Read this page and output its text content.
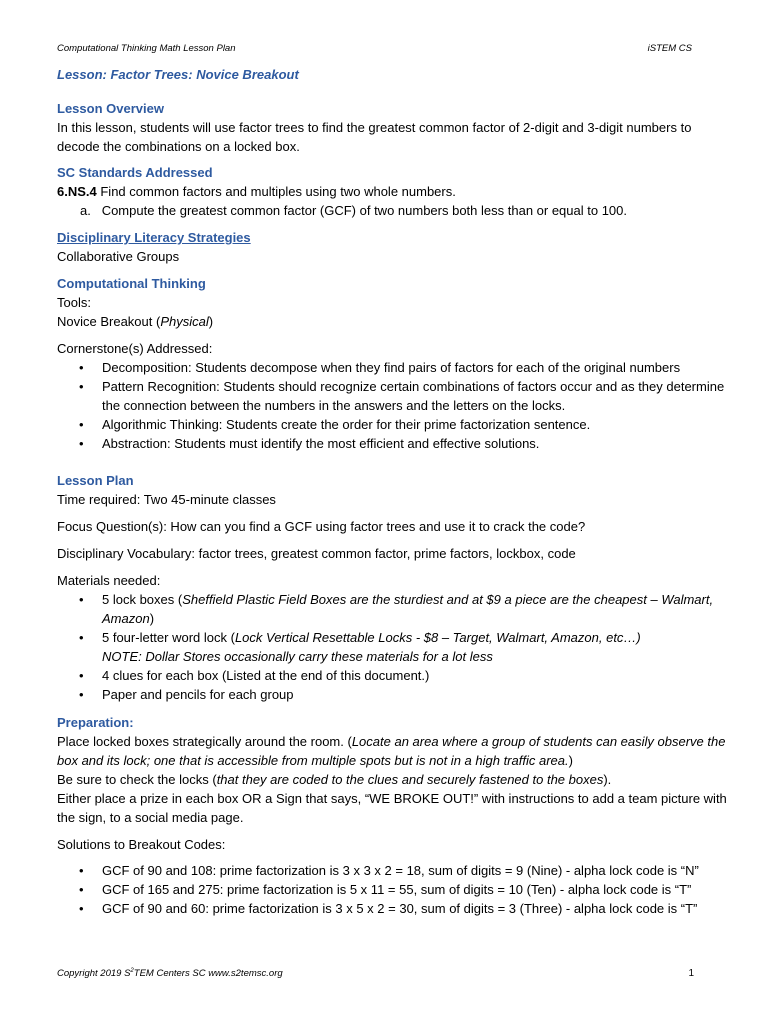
Computational Thinking Math Lesson Plan	iSTEM CS
Lesson: Factor Trees: Novice Breakout
Lesson Overview
In this lesson, students will use factor trees to find the greatest common factor of 2-digit and 3-digit numbers to decode the combinations on a locked box.
SC Standards Addressed
6.NS.4 Find common factors and multiples using two whole numbers.
a. Compute the greatest common factor (GCF) of two numbers both less than or equal to 100.
Disciplinary Literacy Strategies
Collaborative Groups
Computational Thinking
Tools:
Novice Breakout (Physical)
Cornerstone(s) Addressed:
• Decomposition: Students decompose when they find pairs of factors for each of the original numbers
• Pattern Recognition: Students should recognize certain combinations of factors occur and as they determine the connection between the numbers in the answers and the letters on the locks.
• Algorithmic Thinking: Students create the order for their prime factorization sentence.
• Abstraction: Students must identify the most efficient and effective solutions.
Lesson Plan
Time required: Two 45-minute classes
Focus Question(s): How can you find a GCF using factor trees and use it to crack the code?
Disciplinary Vocabulary: factor trees, greatest common factor, prime factors, lockbox, code
Materials needed:
• 5 lock boxes (Sheffield Plastic Field Boxes are the sturdiest and at $9 a piece are the cheapest – Walmart, Amazon)
• 5 four-letter word lock (Lock Vertical Resettable Locks - $8 – Target, Walmart, Amazon, etc…)
NOTE: Dollar Stores occasionally carry these materials for a lot less
• 4 clues for each box (Listed at the end of this document.)
• Paper and pencils for each group
Preparation:
Place locked boxes strategically around the room. (Locate an area where a group of students can easily observe the box and its lock; one that is accessible from multiple spots but is not in a high traffic area.)
Be sure to check the locks (that they are coded to the clues and securely fastened to the boxes).
Either place a prize in each box OR a Sign that says, “WE BROKE OUT!” with instructions to add a team picture with the sign, to a social media page.
Solutions to Breakout Codes:
• GCF of 90 and 108: prime factorization is 3 x 3 x 2 = 18, sum of digits = 9 (Nine) - alpha lock code is “N”
• GCF of 165 and 275: prime factorization is 5 x 11 = 55, sum of digits = 10 (Ten) - alpha lock code is “T”
• GCF of 90 and 60: prime factorization is 3 x 5 x 2 = 30, sum of digits = 3 (Three) - alpha lock code is “T”
Copyright 2019 $S^2TEM$ Centers SC www.s2temsc.org	1
